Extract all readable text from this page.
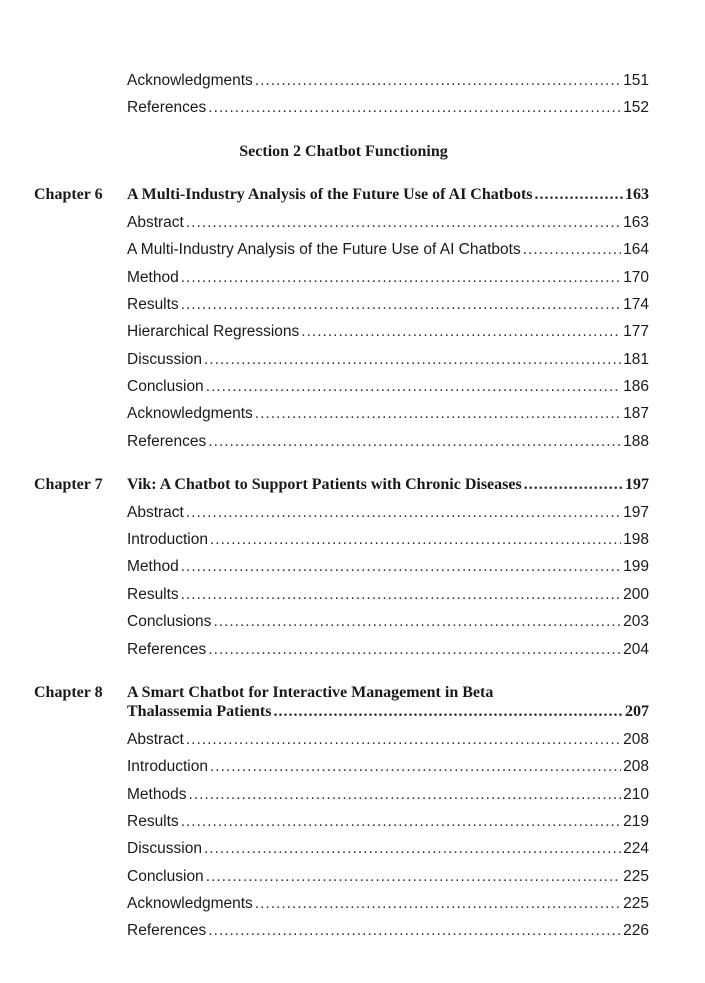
Acknowledgments .....	151
References .....	152
Section 2 Chatbot Functioning
Chapter 6 A Multi-Industry Analysis of the Future Use of AI Chatbots .....	163
Abstract .....	163
A Multi-Industry Analysis of the Future Use of AI Chatbots .....	164
Method .....	170
Results .....	174
Hierarchical Regressions .....	177
Discussion .....	181
Conclusion .....	186
Acknowledgments .....	187
References .....	188
Chapter 7 Vik: A Chatbot to Support Patients with Chronic Diseases .....	197
Abstract .....	197
Introduction .....	198
Method .....	199
Results .....	200
Conclusions .....	203
References .....	204
Chapter 8 A Smart Chatbot for Interactive Management in Beta
Thalassemia Patients .....	207
Abstract .....	208
Introduction .....	208
Methods .....	210
Results .....	219
Discussion .....	224
Conclusion .....	225
Acknowledgments .....	225
References .....	226
